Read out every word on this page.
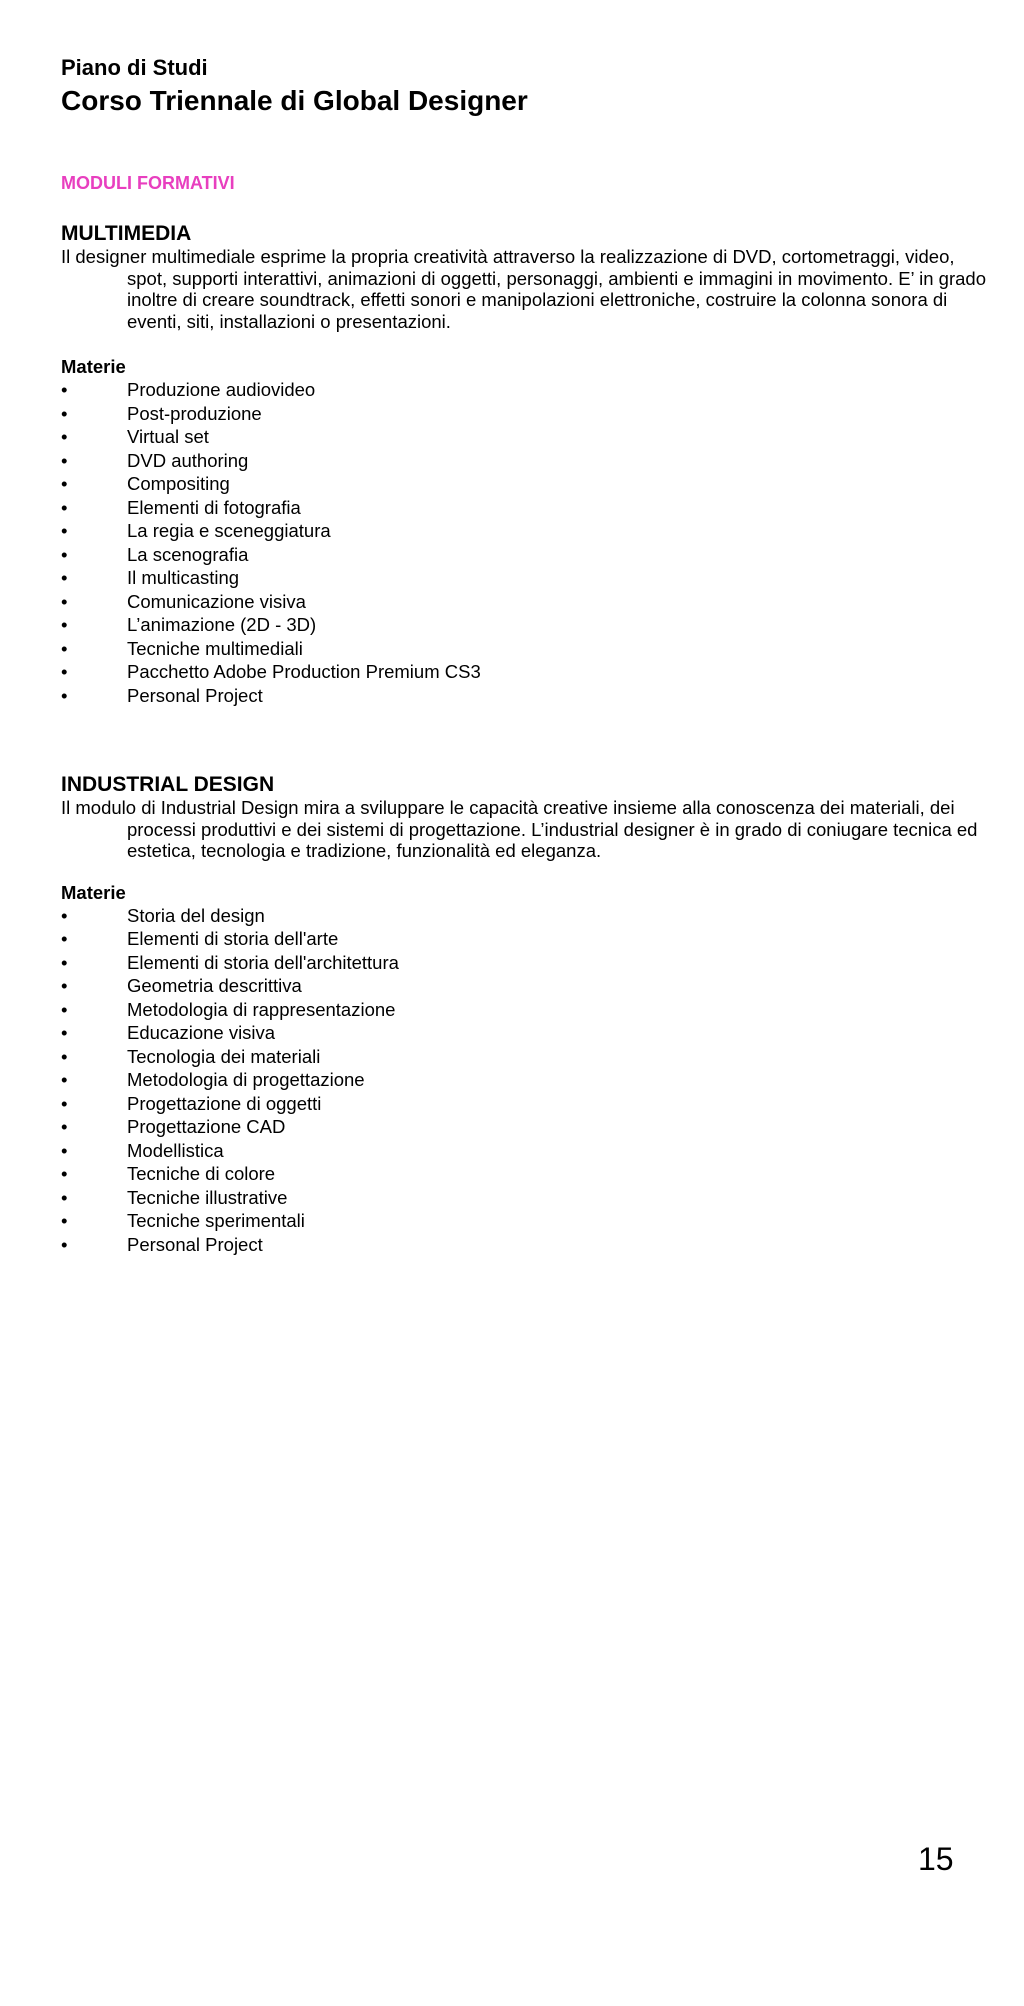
Piano di Studi
Corso Triennale di Global Designer
MODULI FORMATIVI
MULTIMEDIA

Il designer multimediale esprime la propria creatività attraverso la realizzazione di DVD, cortometraggi, video, spot, supporti interattivi, animazioni di oggetti, personaggi, ambienti e immagini in movimento. E’ in grado inoltre di creare soundtrack, effetti sonori e manipolazioni elettroniche, costruire la colonna sonora di eventi, siti, installazioni o presentazioni.

Materie
•	Produzione audiovideo
•	Post-produzione
•	Virtual set
•	DVD authoring
•	Compositing
•	Elementi di fotografia
•	La regia e sceneggiatura
•	La scenografia
•	Il multicasting
•	Comunicazione visiva
•	L’animazione (2D - 3D)
•	Tecniche multimediali
•	Pacchetto Adobe Production Premium CS3
•	Personal Project
INDUSTRIAL DESIGN

Il modulo di Industrial Design mira a sviluppare le capacità creative insieme alla conoscenza dei materiali, dei processi produttivi e dei sistemi di progettazione. L’industrial designer è in grado di coniugare tecnica ed estetica, tecnologia e tradizione, funzionalità ed eleganza.

Materie
•	Storia del design
•	Elementi di storia dell'arte
•	Elementi di storia dell'architettura
•	Geometria descrittiva
•	Metodologia di rappresentazione
•	Educazione visiva
•	Tecnologia dei materiali
•	Metodologia di progettazione
•	Progettazione di oggetti
•	Progettazione CAD
•	Modellistica
•	Tecniche di colore
•	Tecniche illustrative
•	Tecniche sperimentali
•	Personal Project
15
